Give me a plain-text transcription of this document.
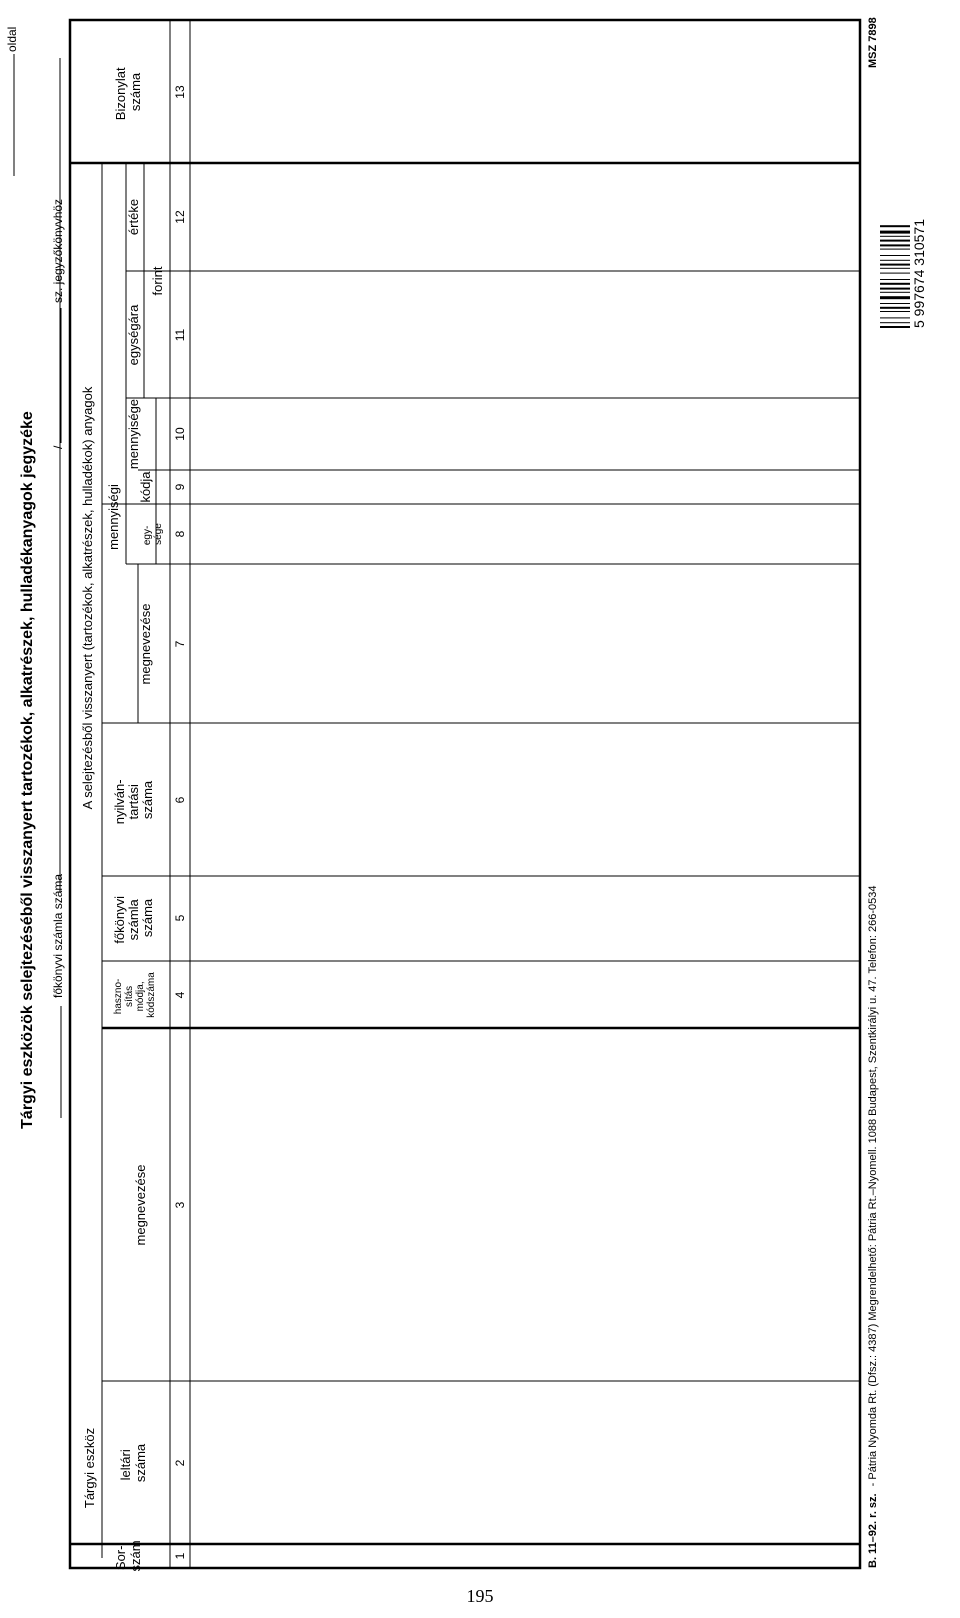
Tárgyi eszközök selejtezéséből visszanyert tartozékok, alkatrészek, hulladékanyagok jegyzéke főkönyvi számla száma
/
sz. jegyzőkönyvhöz
oldal
Tárgyi eszköz
A selejtezésből visszanyert (tartozékok, alkatrészek, hulladékok) anyagok mennyiségi
Sor- szám
leltári száma
megnevezése
haszno- sítás módja, kódszáma
főkönyvi számla száma
nyilván- tartási száma
megnevezése
egy- sége
kódja
mennyisége
egységára
értéke
forint
Bizonylat száma
1
2
3
4
5
6
7
8
9
10
11
12
13
B. 11–92. r. sz. - Pátria Nyomda Rt. (Dfsz.: 4387) Megrendelhető: Pátria Rt.–Nyomell. 1088 Budapest, Szentkirályi u. 47. Telefon: 266-0534
MSZ 7898
5 997674 310571
195
